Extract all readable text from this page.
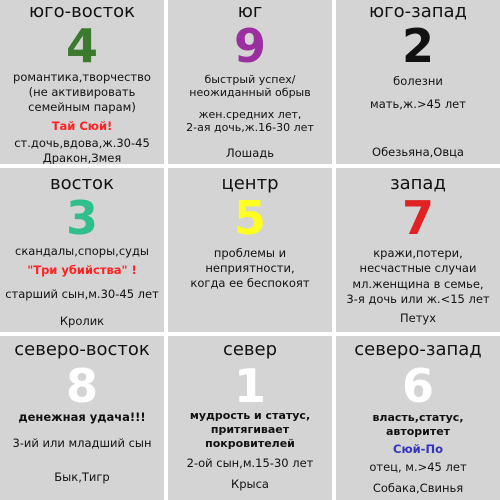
юго-восток
4
романтика,творчество
(не активировать
семейным парам)
Тай Сюй!
ст.дочь,вдова,ж.30-45
Дракон,Змея
юг
9
быстрый успех/
неожиданный обрыв
жен.средних лет,
2-ая дочь,ж.16-30 лет
Лошадь
юго-запад
2
болезни
мать,ж.>45 лет
Обезьяна,Овца
восток
3
скандалы,споры,суды
"Три убийства" !
старший сын,м.30-45 лет
Кролик
центр
5
проблемы и
неприятности,
когда ее беспокоят
запад
7
кражи,потери,
несчастные случаи
мл.женщина в семье,
3-я дочь или ж.<15 лет
Петух
северо-восток
8
денежная удача!!!
3-ий или младший сын
Бык,Тигр
север
1
мудрость и статус,
притягивает
покровителей
2-ой сын,м.15-30 лет
Крыса
северо-запад
6
власть,статус,
авторитет
Сюй-По
отец, м.>45 лет
Собака,Свинья
